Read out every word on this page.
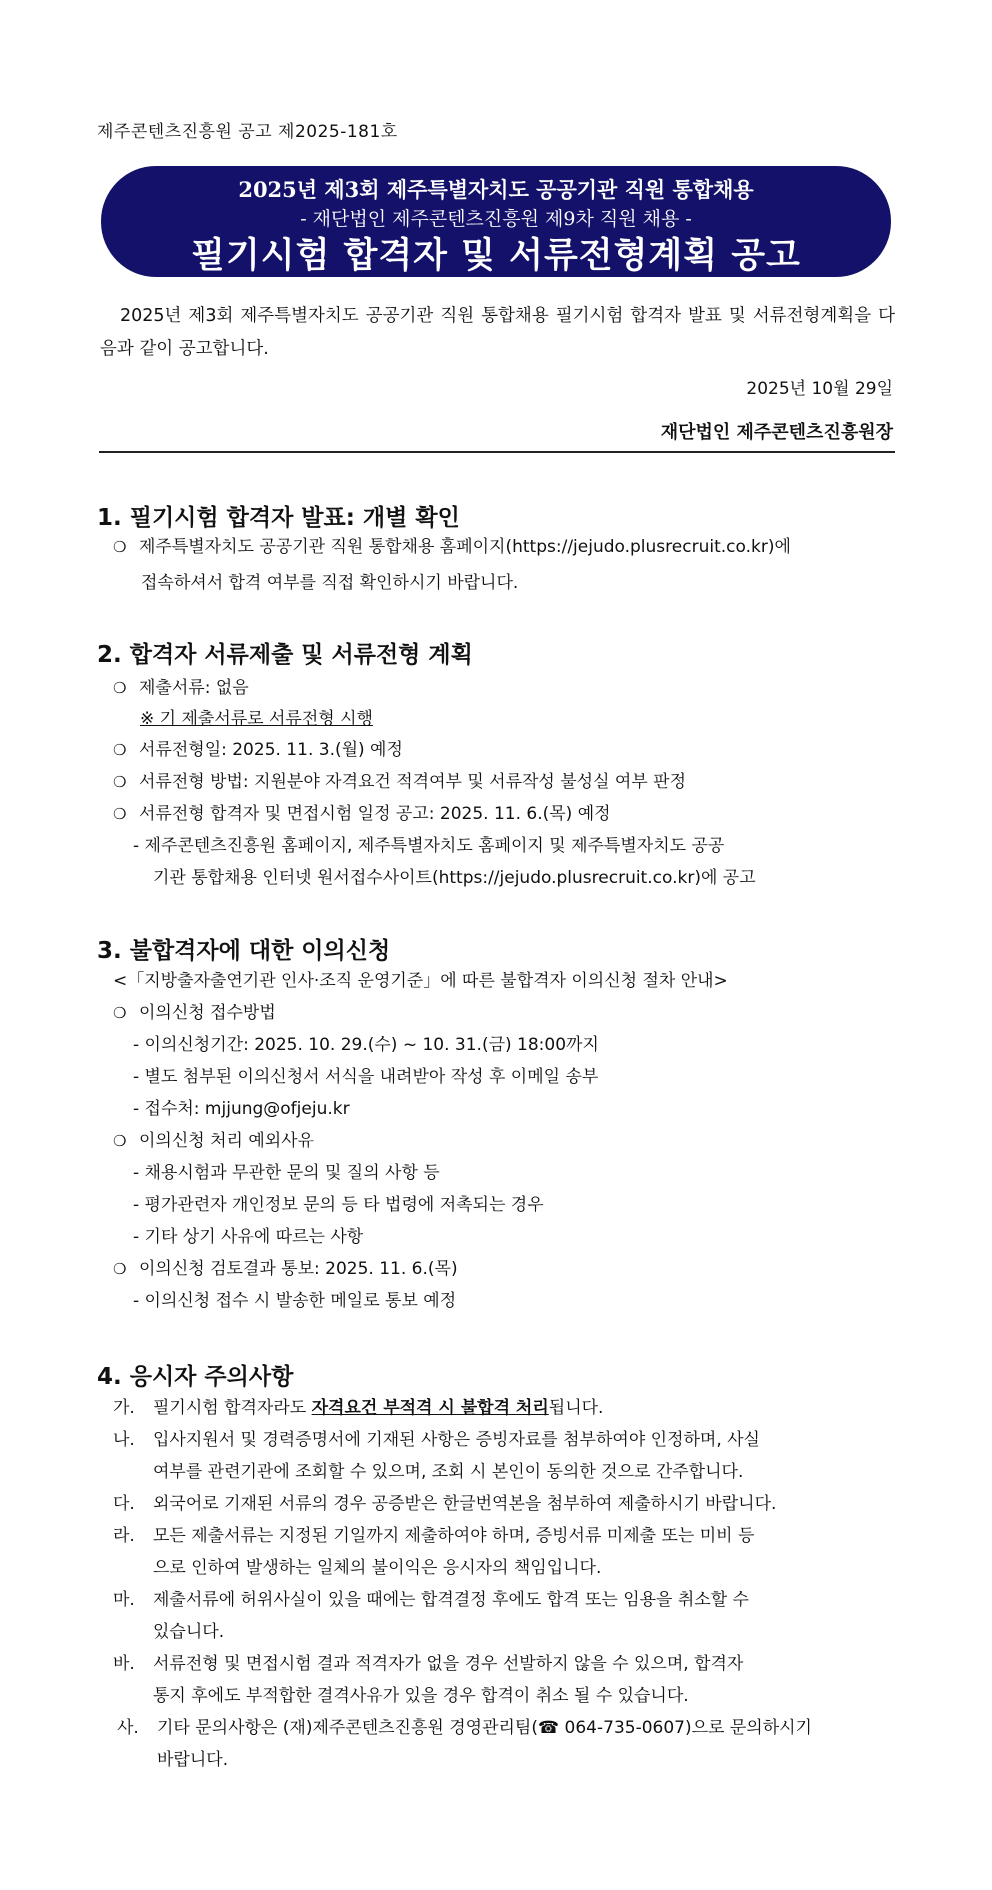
제주콘텐츠진흥원 공고 제2025-181호
2025년 제3회 제주특별자치도 공공기관 직원 통합채용
- 재단법인 제주콘텐츠진흥원 제9차 직원 채용 -
필기시험 합격자 및 서류전형계획 공고
2025년 제3회 제주특별자치도 공공기관 직원 통합채용 필기시험 합격자 발표 및 서류전형계획을 다음과 같이 공고합니다.
2025년 10월 29일
재단법인 제주콘텐츠진흥원장
1. 필기시험 합격자 발표: 개별 확인
❍ 제주특별자치도 공공기관 직원 통합채용 홈페이지(https://jejudo.plusrecruit.co.kr)에
접속하셔서 합격 여부를 직접 확인하시기 바랍니다.
2. 합격자 서류제출 및 서류전형 계획
❍ 제출서류: 없음
※ 기 제출서류로 서류전형 시행
❍ 서류전형일: 2025. 11. 3.(월) 예정
❍ 서류전형 방법: 지원분야 자격요건 적격여부 및 서류작성 불성실 여부 판정
❍ 서류전형 합격자 및 면접시험 일정 공고: 2025. 11. 6.(목) 예정
- 제주콘텐츠진흥원 홈페이지, 제주특별자치도 홈페이지 및 제주특별자치도 공공
기관 통합채용 인터넷 원서접수사이트(https://jejudo.plusrecruit.co.kr)에 공고
3. 불합격자에 대한 이의신청
<「지방출자출연기관 인사·조직 운영기준」에 따른 불합격자 이의신청 절차 안내>
❍ 이의신청 접수방법
- 이의신청기간: 2025. 10. 29.(수) ~ 10. 31.(금) 18:00까지
- 별도 첨부된 이의신청서 서식을 내려받아 작성 후 이메일 송부
- 접수처: mjjung@ofjeju.kr
❍ 이의신청 처리 예외사유
- 채용시험과 무관한 문의 및 질의 사항 등
- 평가관련자 개인정보 문의 등 타 법령에 저촉되는 경우
- 기타 상기 사유에 따르는 사항
❍ 이의신청 검토결과 통보: 2025. 11. 6.(목)
- 이의신청 접수 시 발송한 메일로 통보 예정
4. 응시자 주의사항
가. 필기시험 합격자라도 자격요건 부적격 시 불합격 처리됩니다.
나. 입사지원서 및 경력증명서에 기재된 사항은 증빙자료를 첨부하여야 인정하며, 사실
여부를 관련기관에 조회할 수 있으며, 조회 시 본인이 동의한 것으로 간주합니다.
다. 외국어로 기재된 서류의 경우 공증받은 한글번역본을 첨부하여 제출하시기 바랍니다.
라. 모든 제출서류는 지정된 기일까지 제출하여야 하며, 증빙서류 미제출 또는 미비 등
으로 인하여 발생하는 일체의 불이익은 응시자의 책임입니다.
마. 제출서류에 허위사실이 있을 때에는 합격결정 후에도 합격 또는 임용을 취소할 수
있습니다.
바. 서류전형 및 면접시험 결과 적격자가 없을 경우 선발하지 않을 수 있으며, 합격자
통지 후에도 부적합한 결격사유가 있을 경우 합격이 취소 될 수 있습니다.
사. 기타 문의사항은 (재)제주콘텐츠진흥원 경영관리팀(☎ 064-735-0607)으로 문의하시기
바랍니다.
